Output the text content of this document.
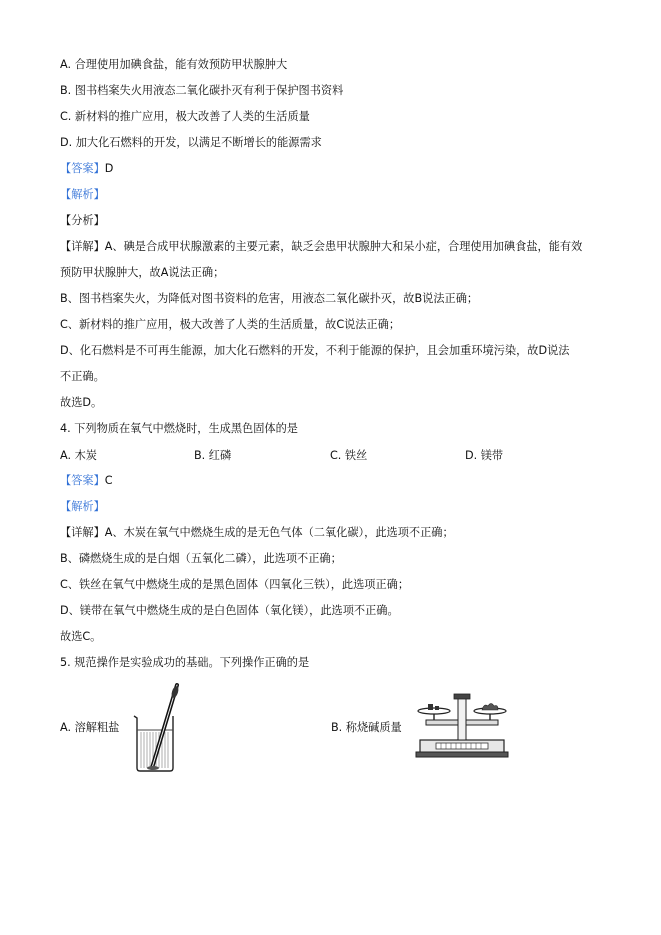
A. 合理使用加碘食盐，能有效预防甲状腺肿大
B. 图书档案失火用液态二氧化碳扑灭有利于保护图书资料
C. 新材料的推广应用，极大改善了人类的生活质量
D. 加大化石燃料的开发，以满足不断增长的能源需求
【答案】D
【解析】
【分析】
【详解】A、碘是合成甲状腺激素的主要元素，缺乏会患甲状腺肿大和呆小症，合理使用加碘食盐，能有效
预防甲状腺肿大，故A说法正确；
B、图书档案失火，为降低对图书资料的危害，用液态二氧化碳扑灭，故B说法正确；
C、新材料的推广应用，极大改善了人类的生活质量，故C说法正确；
D、化石燃料是不可再生能源，加大化石燃料的开发，不利于能源的保护，且会加重环境污染，故D说法
不正确。
故选D。
4. 下列物质在氧气中燃烧时，生成黑色固体的是
A. 木炭	B. 红磷	C. 铁丝	D. 镁带
【答案】C
【解析】
【详解】A、木炭在氧气中燃烧生成的是无色气体（二氧化碳），此选项不正确；
B、磷燃烧生成的是白烟（五氧化二磷），此选项不正确；
C、铁丝在氧气中燃烧生成的是黑色固体（四氧化三铁），此选项正确；
D、镁带在氧气中燃烧生成的是白色固体（氧化镁），此选项不正确。
故选C。
5. 规范操作是实验成功的基础。下列操作正确的是
A. 溶解粗盐	B. 称烧碱质量
